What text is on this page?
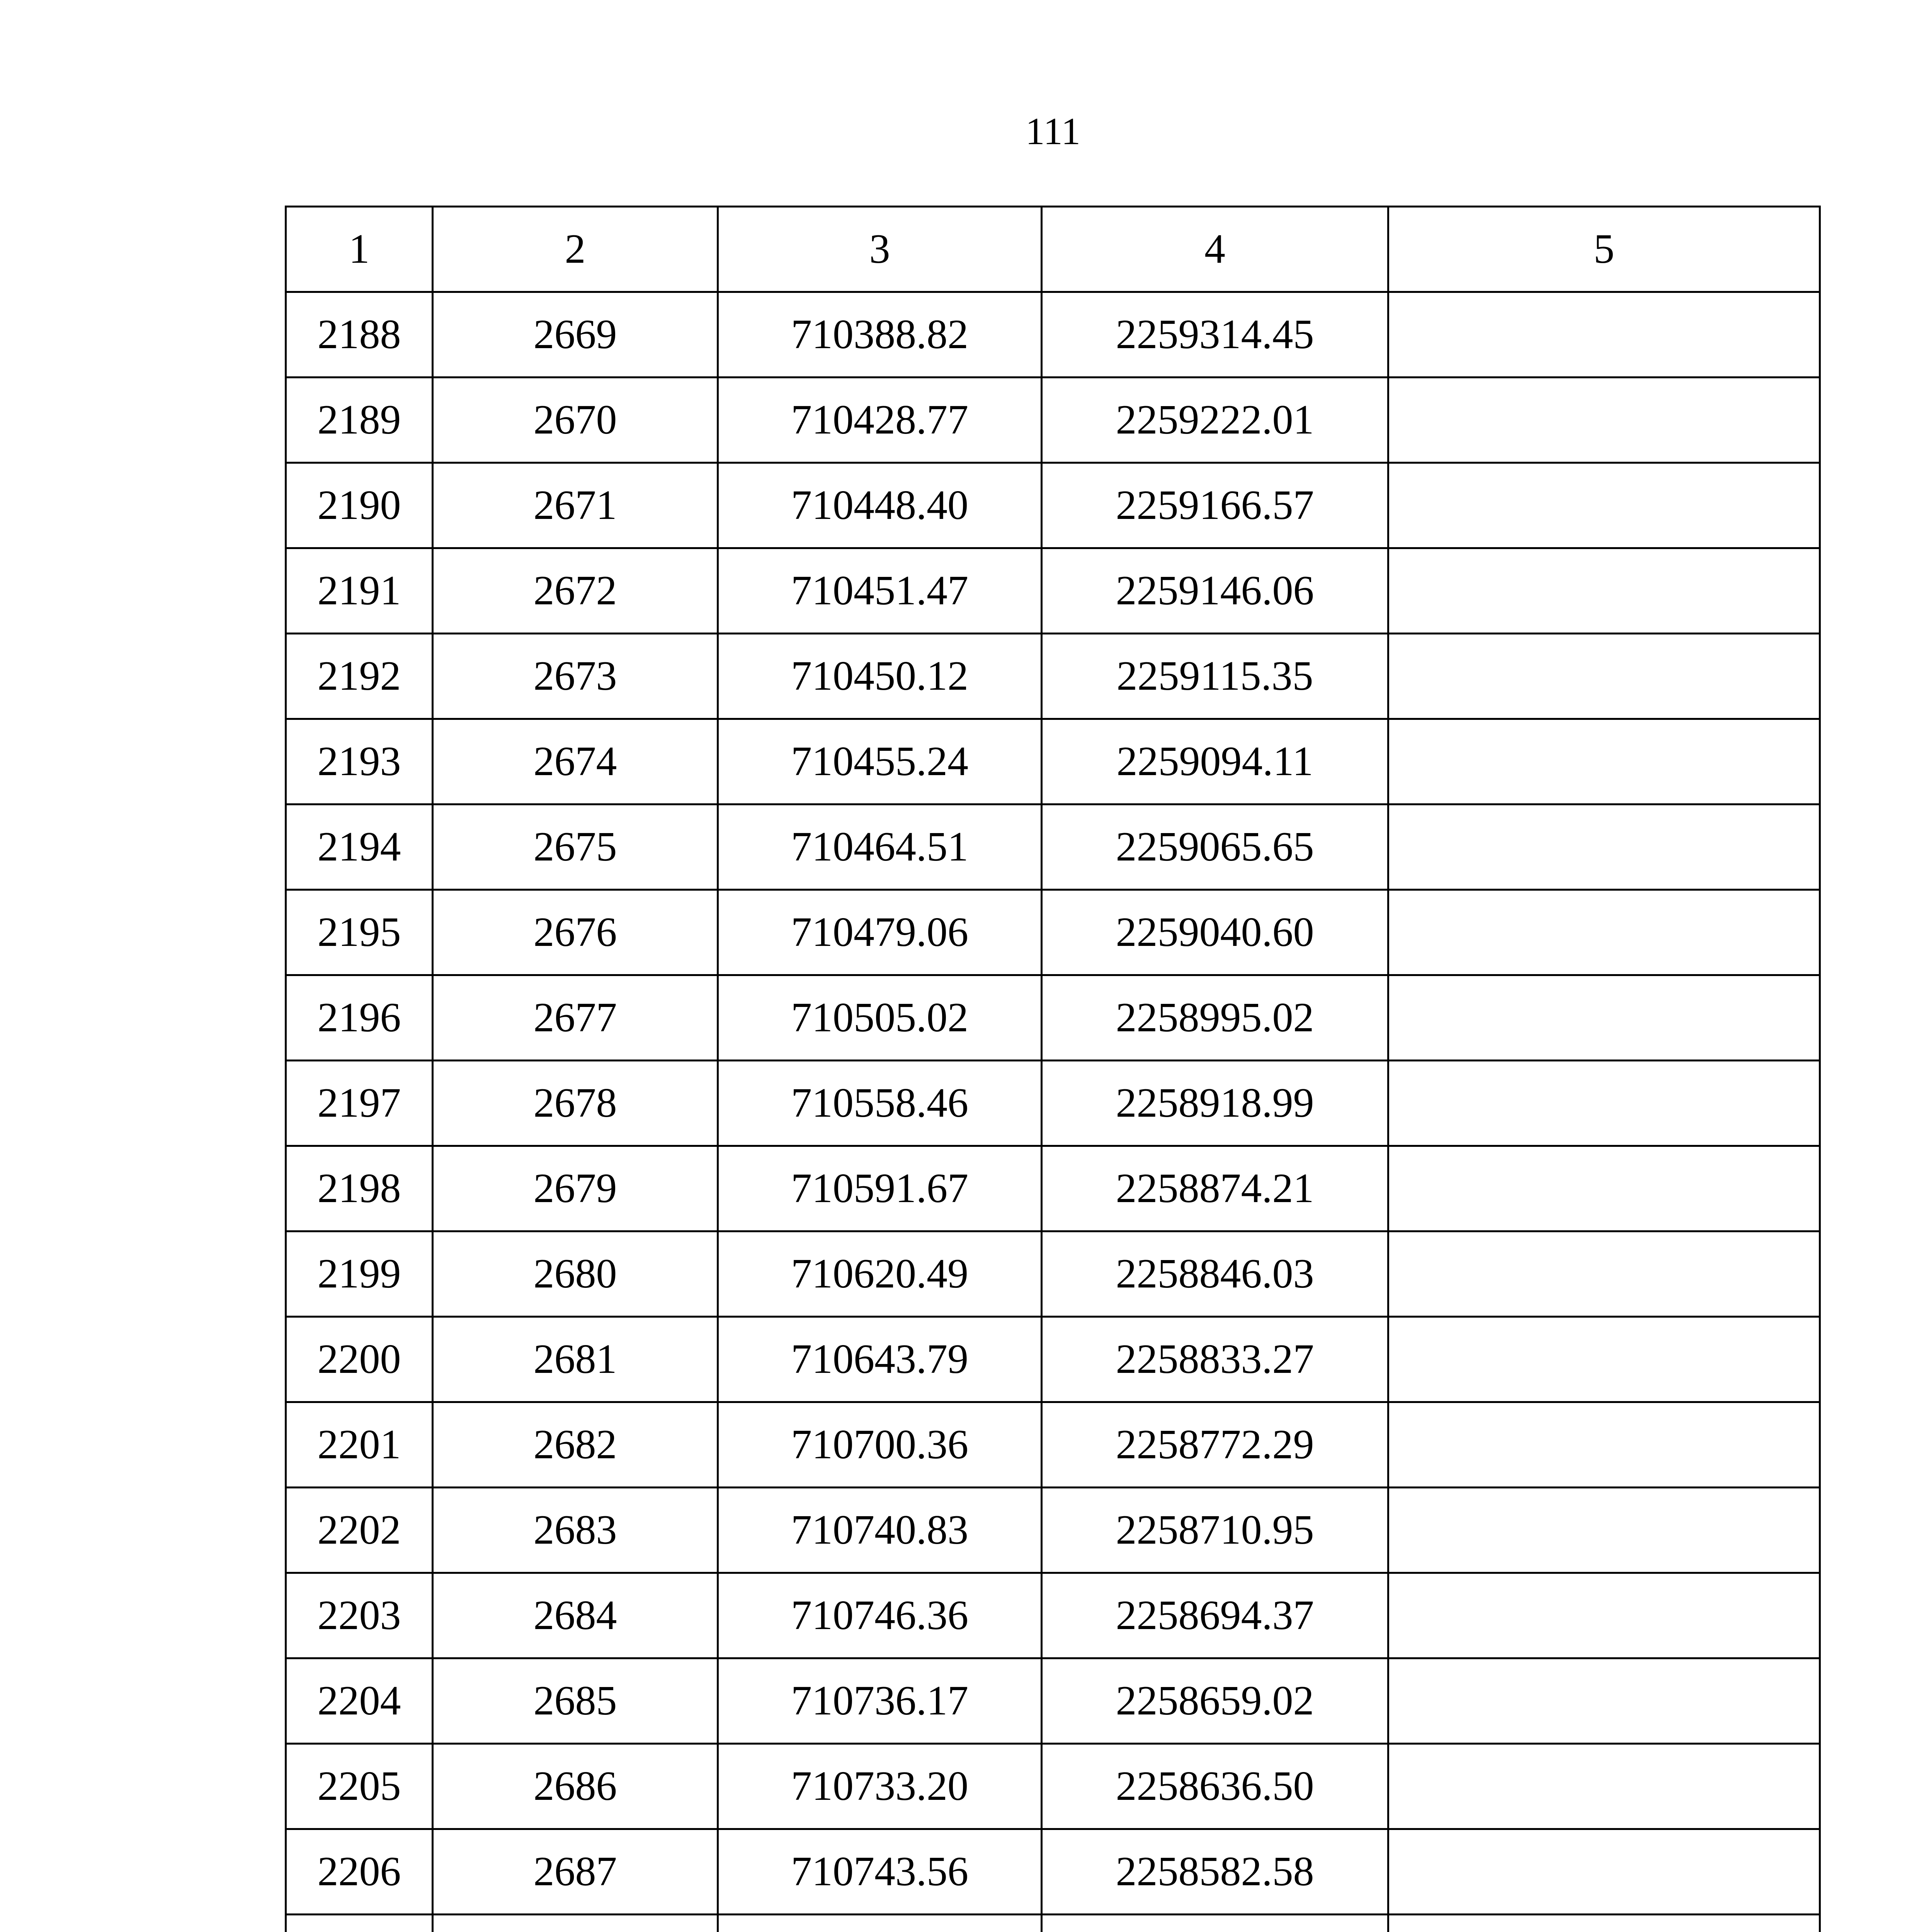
111
1	2	3	4	5
2188	2669	710388.82	2259314.45	
2189	2670	710428.77	2259222.01	
2190	2671	710448.40	2259166.57	
2191	2672	710451.47	2259146.06	
2192	2673	710450.12	2259115.35	
2193	2674	710455.24	2259094.11	
2194	2675	710464.51	2259065.65	
2195	2676	710479.06	2259040.60	
2196	2677	710505.02	2258995.02	
2197	2678	710558.46	2258918.99	
2198	2679	710591.67	2258874.21	
2199	2680	710620.49	2258846.03	
2200	2681	710643.79	2258833.27	
2201	2682	710700.36	2258772.29	
2202	2683	710740.83	2258710.95	
2203	2684	710746.36	2258694.37	
2204	2685	710736.17	2258659.02	
2205	2686	710733.20	2258636.50	
2206	2687	710743.56	2258582.58	
